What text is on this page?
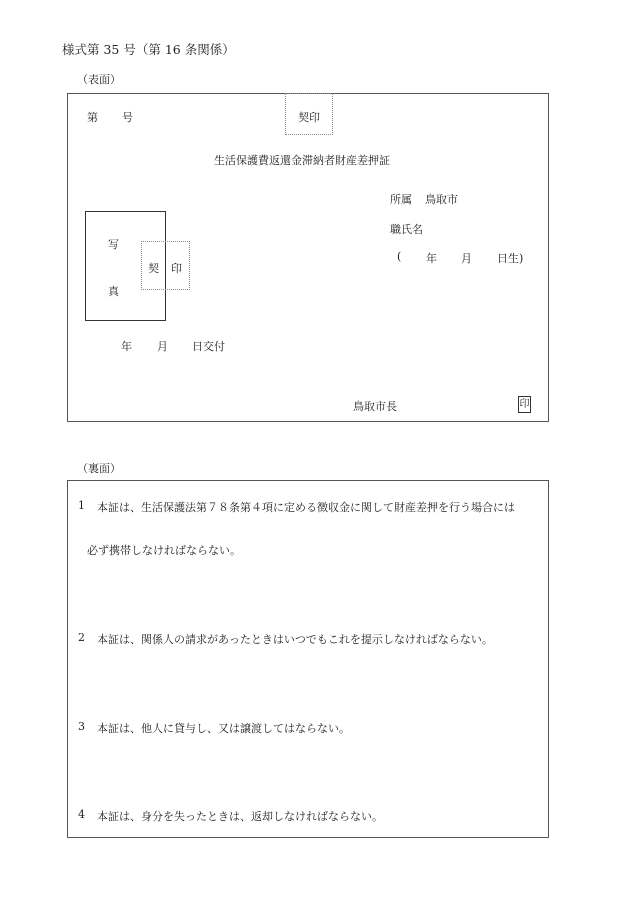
様式第 35 号（第 16 条関係）
（表面）
第 号	契印
生活保護費返還金滞納者財産差押証
所属 鳥取市
職氏名
( 年 月 日生)
写
真
契 印
年 月 日交付
鳥取市長	印
（裏面）
1 本証は、生活保護法第７８条第４項に定める徴収金に関して財産差押を行う場合には
必ず携帯しなければならない。
2 本証は、関係人の請求があったときはいつでもこれを提示しなければならない。
3 本証は、他人に貸与し、又は譲渡してはならない。
4 本証は、身分を失ったときは、返却しなければならない。
